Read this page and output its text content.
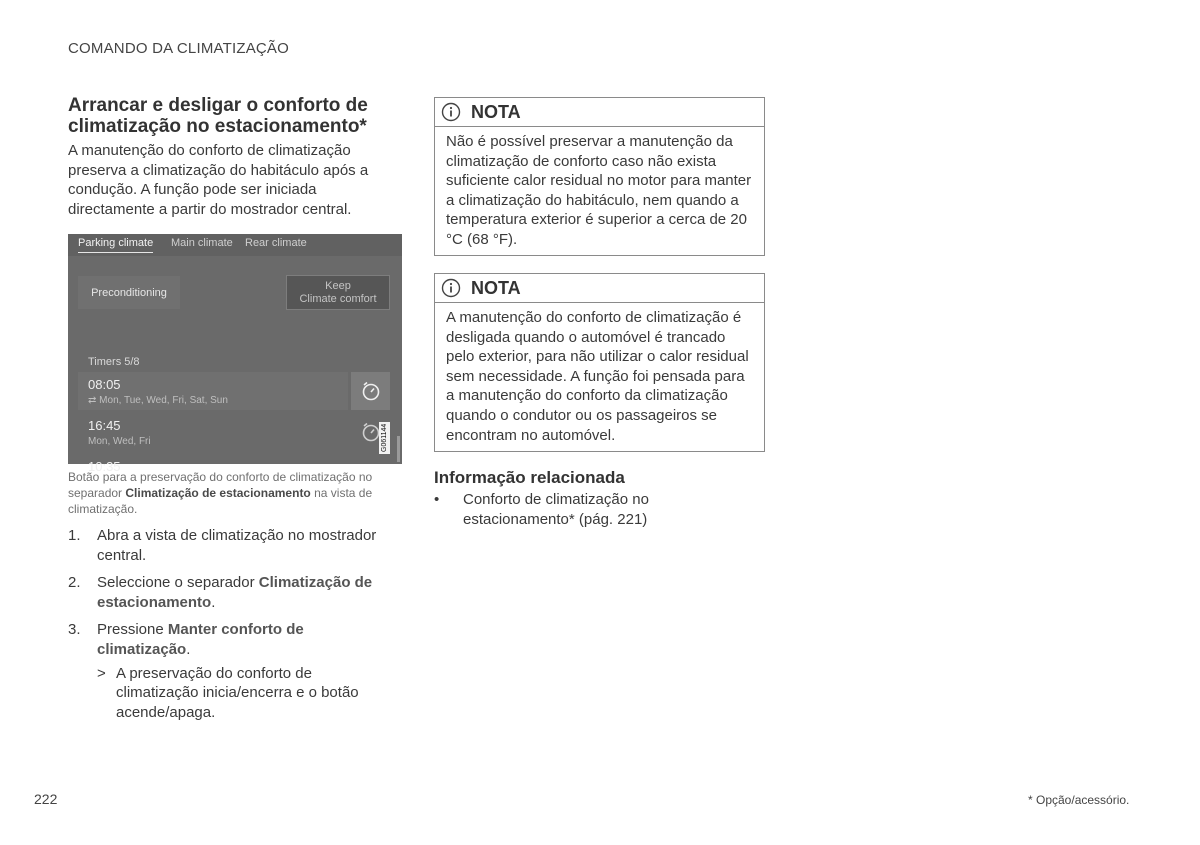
COMANDO DA CLIMATIZAÇÃO
Arrancar e desligar o conforto de climatização no estacionamento*
A manutenção do conforto de climatização preserva a climatização do habitáculo após a condução. A função pode ser iniciada directamente a partir do mostrador central.
Parking climate Main climate Rear climate
Preconditioning
Keep
Climate comfort
Timers 5/8
08:05
⇄ Mon, Tue, Wed, Fri, Sat, Sun
16:45
Mon, Wed, Fri
10:35
G061144
Botão para a preservação do conforto de climatização no separador Climatização de estacionamento na vista de climatização.
1. Abra a vista de climatização no mostrador central.
2. Seleccione o separador Climatização de estacionamento.
3. Pressione Manter conforto de climatização.
> A preservação do conforto de climatização inicia/encerra e o botão acende/apaga.
NOTA
Não é possível preservar a manutenção da climatização de conforto caso não exista suficiente calor residual no motor para manter a climatização do habitáculo, nem quando a temperatura exterior é superior a cerca de 20 °C (68 °F).
NOTA
A manutenção do conforto de climatização é desligada quando o automóvel é trancado pelo exterior, para não utilizar o calor residual sem necessidade. A função foi pensada para a manutenção do conforto da climatização quando o condutor ou os passageiros se encontram no automóvel.
Informação relacionada
• Conforto de climatização no estacionamento* (pág. 221)
222	* Opção/acessório.
